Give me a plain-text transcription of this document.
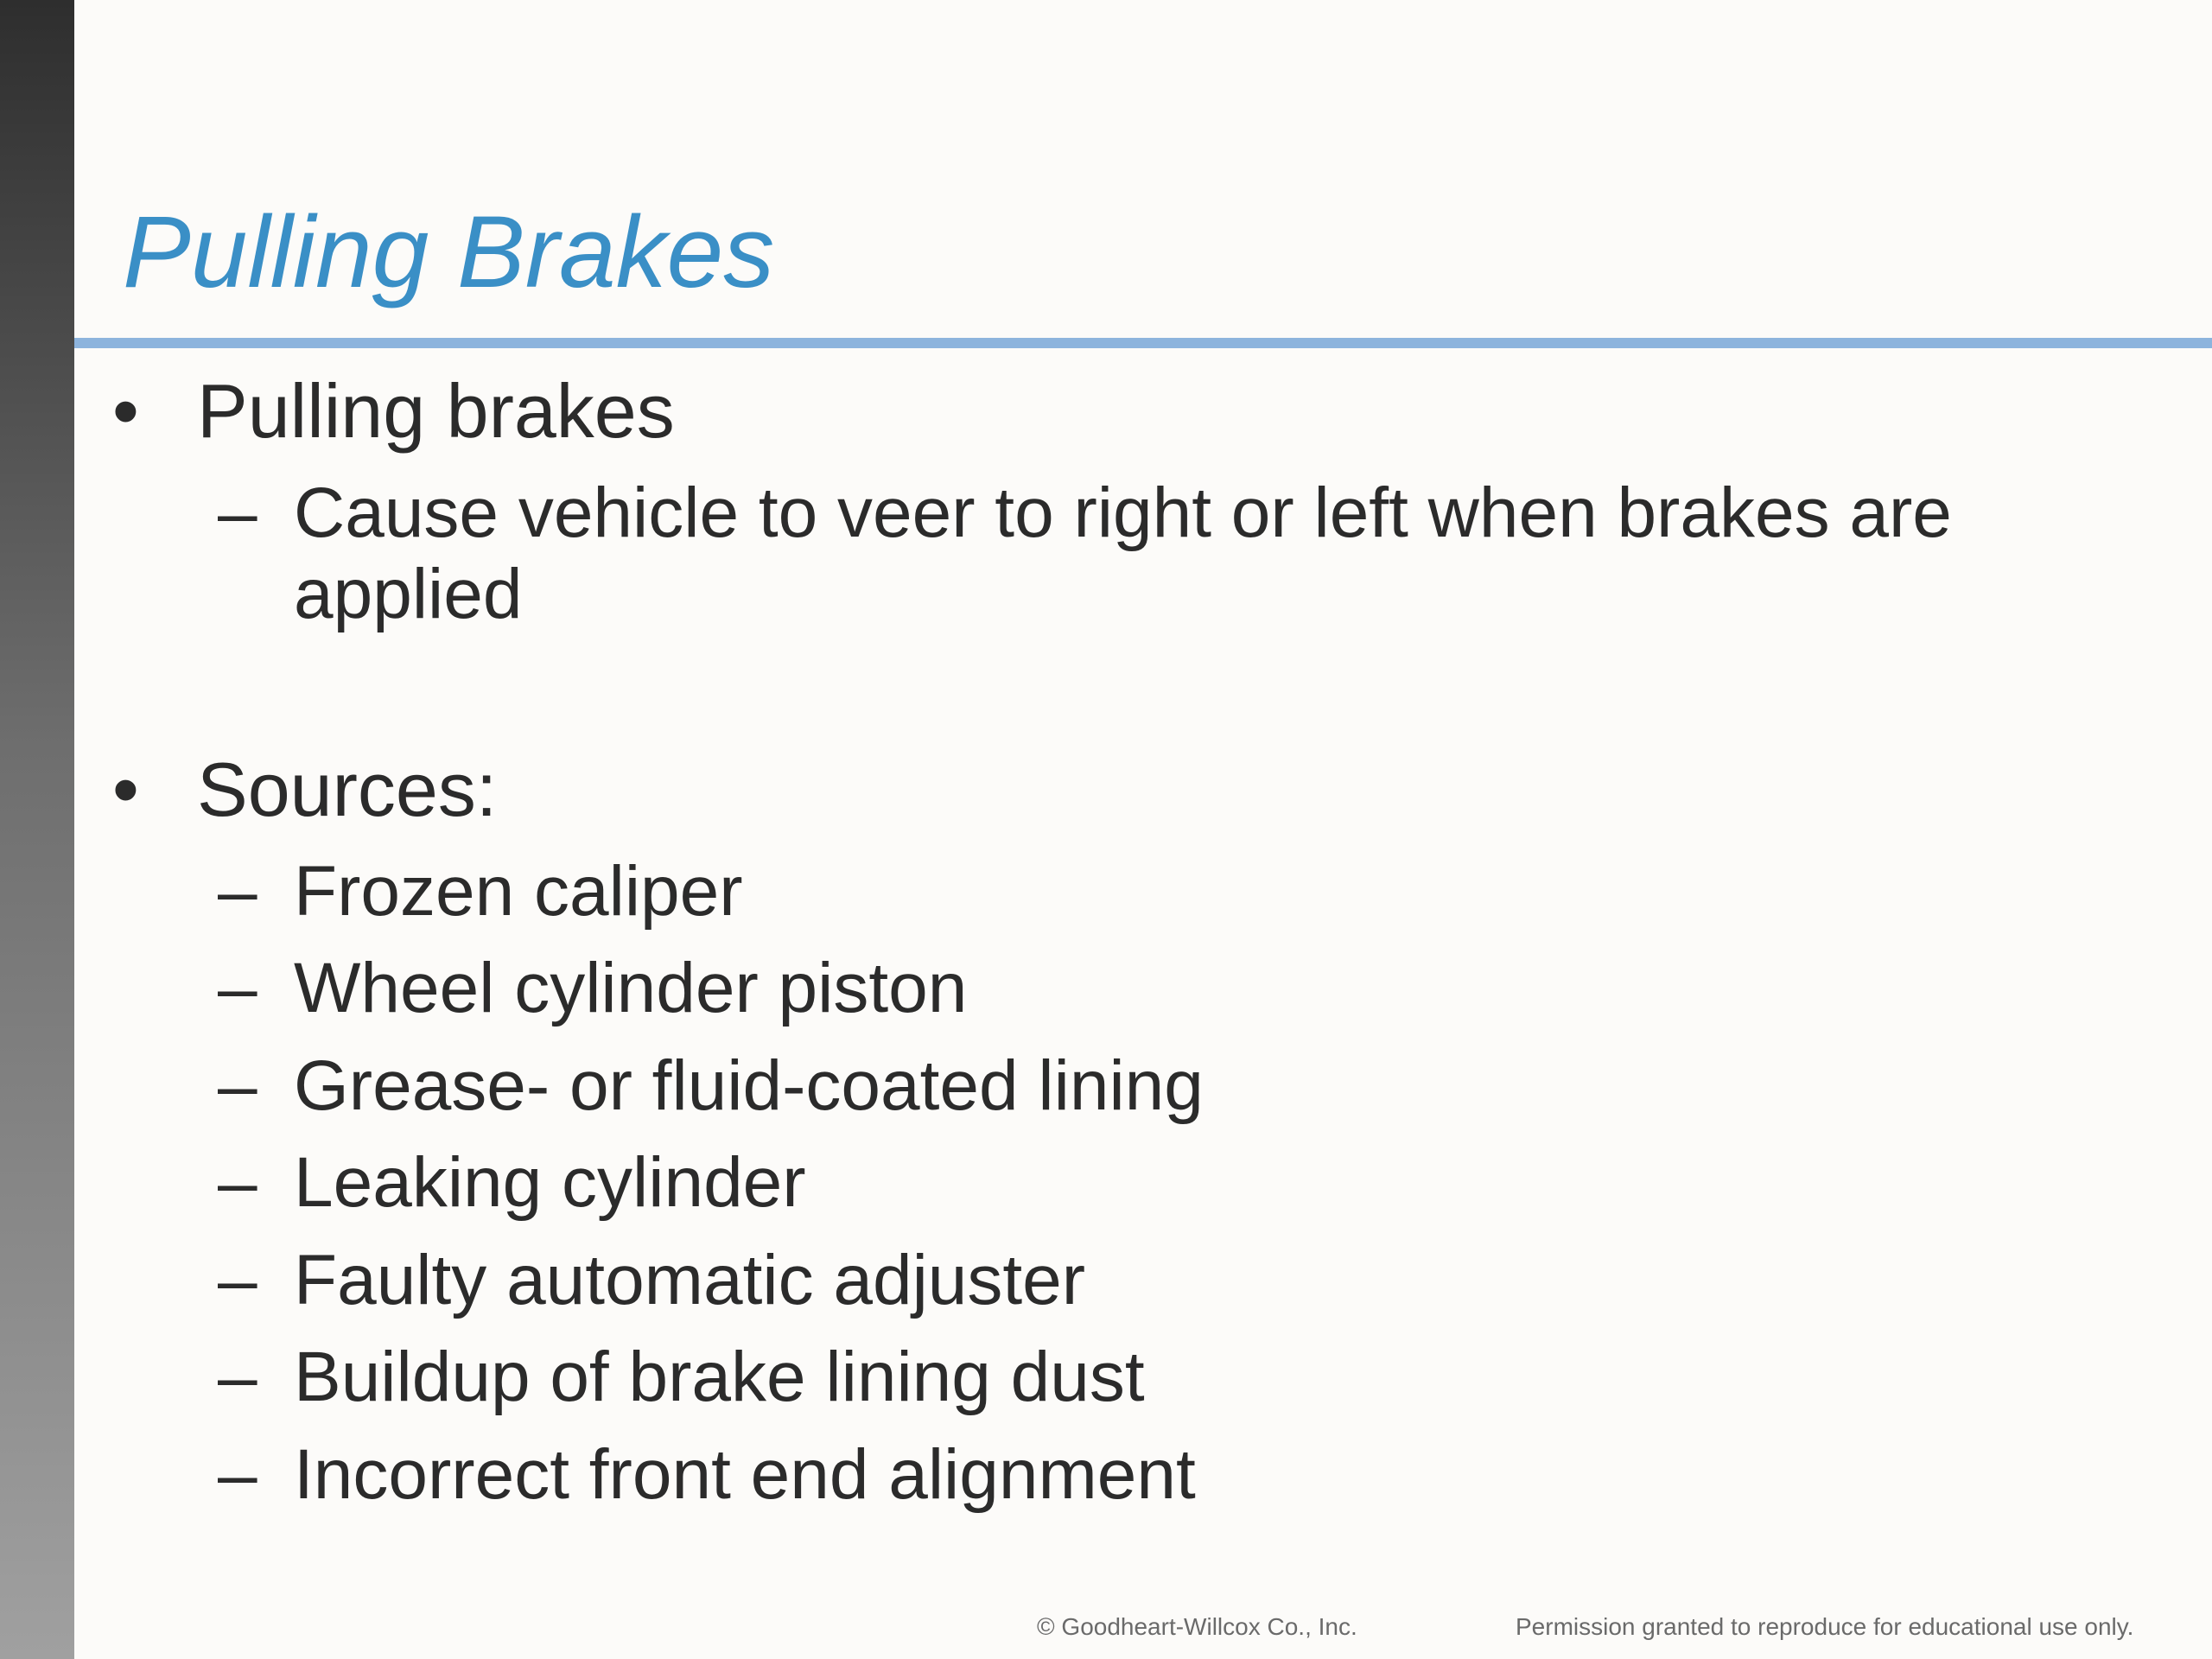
Pulling Brakes
• Pulling brakes
– Cause vehicle to veer to right or left when brakes are applied
• Sources:
– Frozen caliper
– Wheel cylinder piston
– Grease- or fluid-coated lining
– Leaking cylinder
– Faulty automatic adjuster
– Buildup of brake lining dust
– Incorrect front end alignment
© Goodheart-Willcox Co., Inc.	Permission granted to reproduce for educational use only.
